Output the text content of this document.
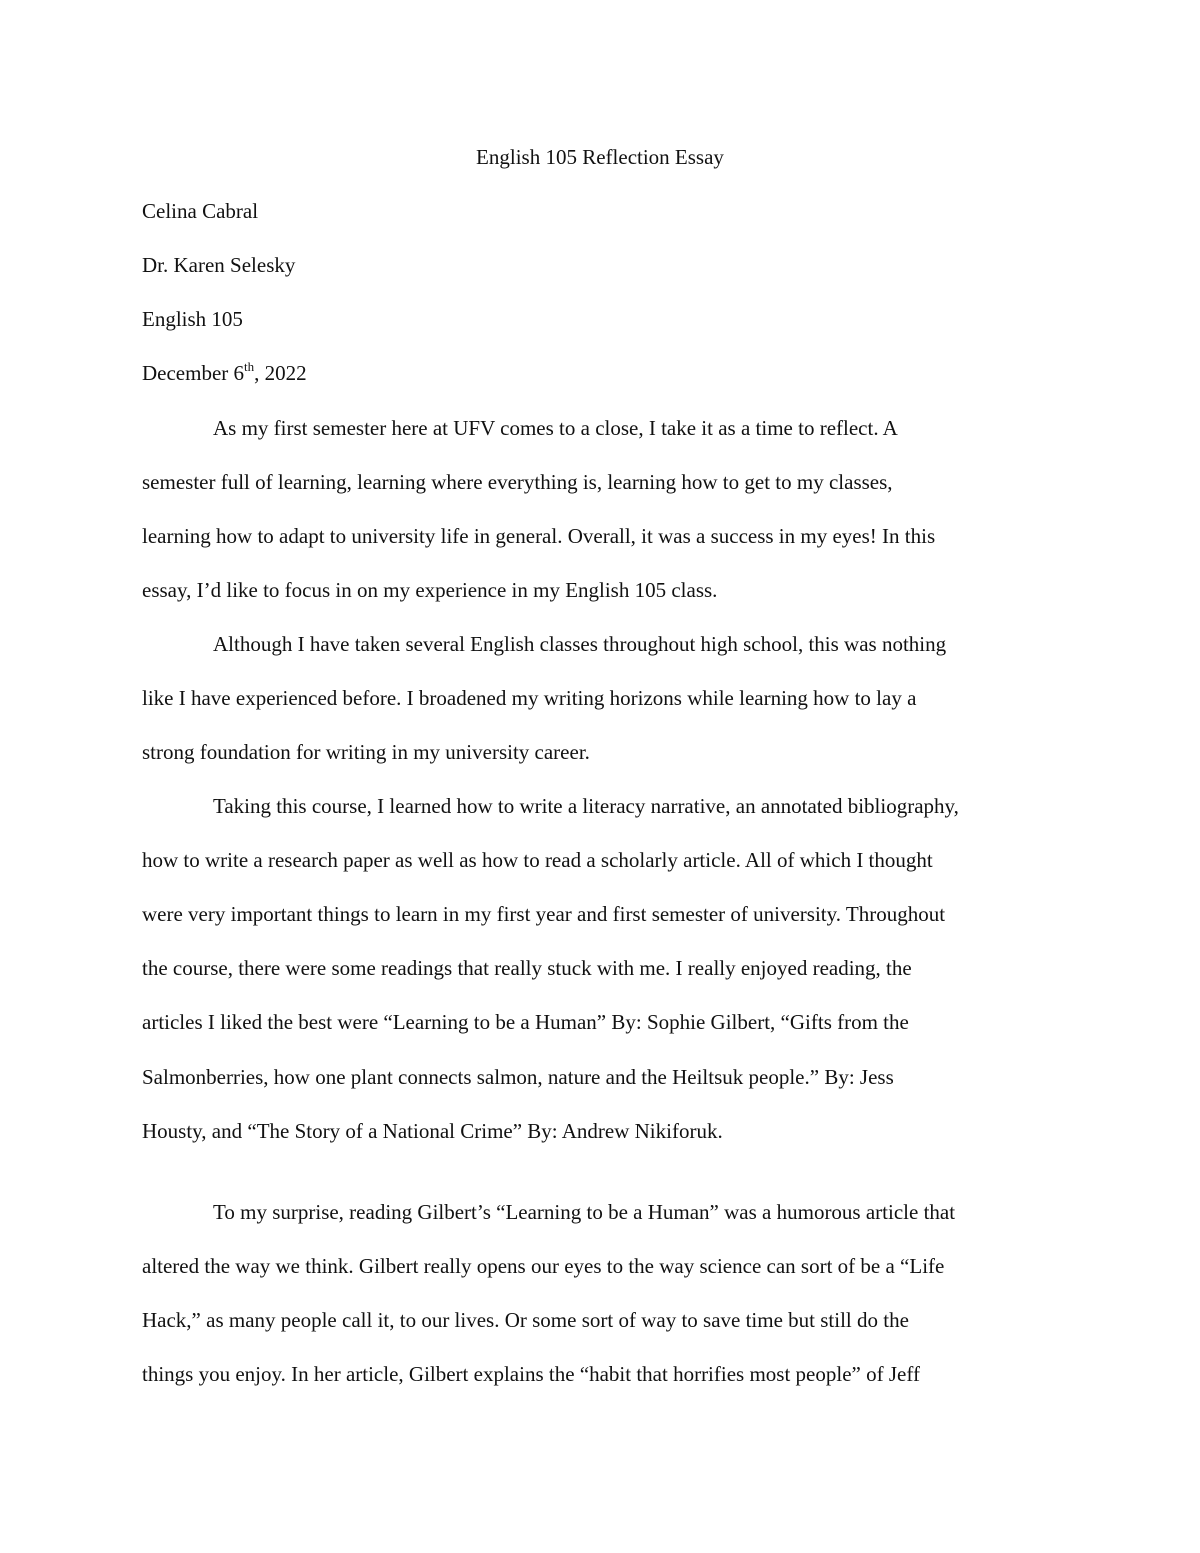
English 105 Reflection Essay
Celina Cabral
Dr. Karen Selesky
English 105
December 6th, 2022
As my first semester here at UFV comes to a close, I take it as a time to reflect. A
semester full of learning, learning where everything is, learning how to get to my classes,
learning how to adapt to university life in general. Overall, it was a success in my eyes! In this
essay, I’d like to focus in on my experience in my English 105 class.
Although I have taken several English classes throughout high school, this was nothing
like I have experienced before. I broadened my writing horizons while learning how to lay a
strong foundation for writing in my university career.
Taking this course, I learned how to write a literacy narrative, an annotated bibliography,
how to write a research paper as well as how to read a scholarly article. All of which I thought
were very important things to learn in my first year and first semester of university. Throughout
the course, there were some readings that really stuck with me. I really enjoyed reading, the
articles I liked the best were “Learning to be a Human” By: Sophie Gilbert, “Gifts from the
Salmonberries, how one plant connects salmon, nature and the Heiltsuk people.” By: Jess
Housty, and “The Story of a National Crime” By: Andrew Nikiforuk.
To my surprise, reading Gilbert’s “Learning to be a Human” was a humorous article that
altered the way we think. Gilbert really opens our eyes to the way science can sort of be a “Life
Hack,” as many people call it, to our lives. Or some sort of way to save time but still do the
things you enjoy. In her article, Gilbert explains the “habit that horrifies most people” of Jeff
